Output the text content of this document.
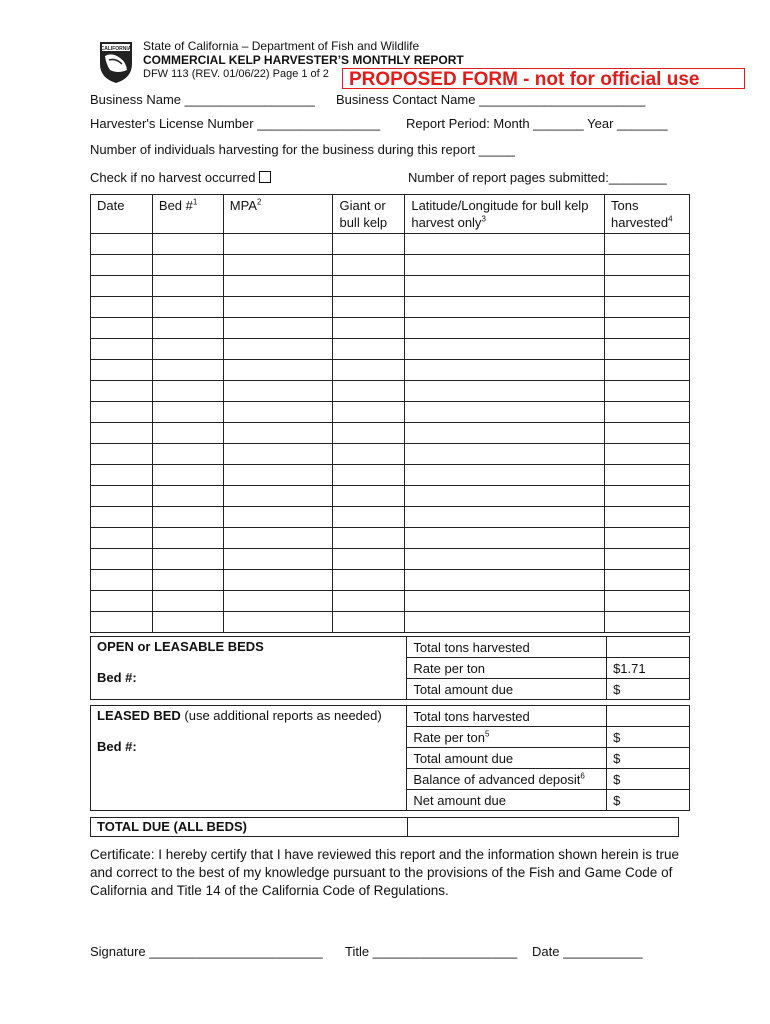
CALIFORNIA State of California – Department of Fish and Wildlife
COMMERCIAL KELP HARVESTER’S MONTHLY REPORT
DFW 113 (REV. 01/06/22) Page 1 of 2	PROPOSED FORM - not for official use
Business Name __________________ Business Contact Name _______________________
Harvester's License Number _________________ Report Period: Month _______ Year _______
Number of individuals harvesting for the business during this report _____
Check if no harvest occurred	Number of report pages submitted:________
Date	Bed #$^1$	MPA$^2$	Giant or bull kelp	Latitude/Longitude for bull kelp harvest only$^3$	Tons harvested$^4$

OPEN or LEASABLE BEDS
Bed #:	Total tons harvested	
	Rate per ton	$1.71
	Total amount due	$
LEASED BED (use additional reports as needed)
Bed #:	Total tons harvested	
	Rate per ton$^5$	$
	Total amount due	$
	Balance of advanced deposit$^6$	$
	Net amount due	$
TOTAL DUE (ALL BEDS)
Certificate: I hereby certify that I have reviewed this report and the information shown herein is true and correct to the best of my knowledge pursuant to the provisions of the Fish and Game Code of California and Title 14 of the California Code of Regulations.
Signature ________________________ Title ____________________ Date ___________
